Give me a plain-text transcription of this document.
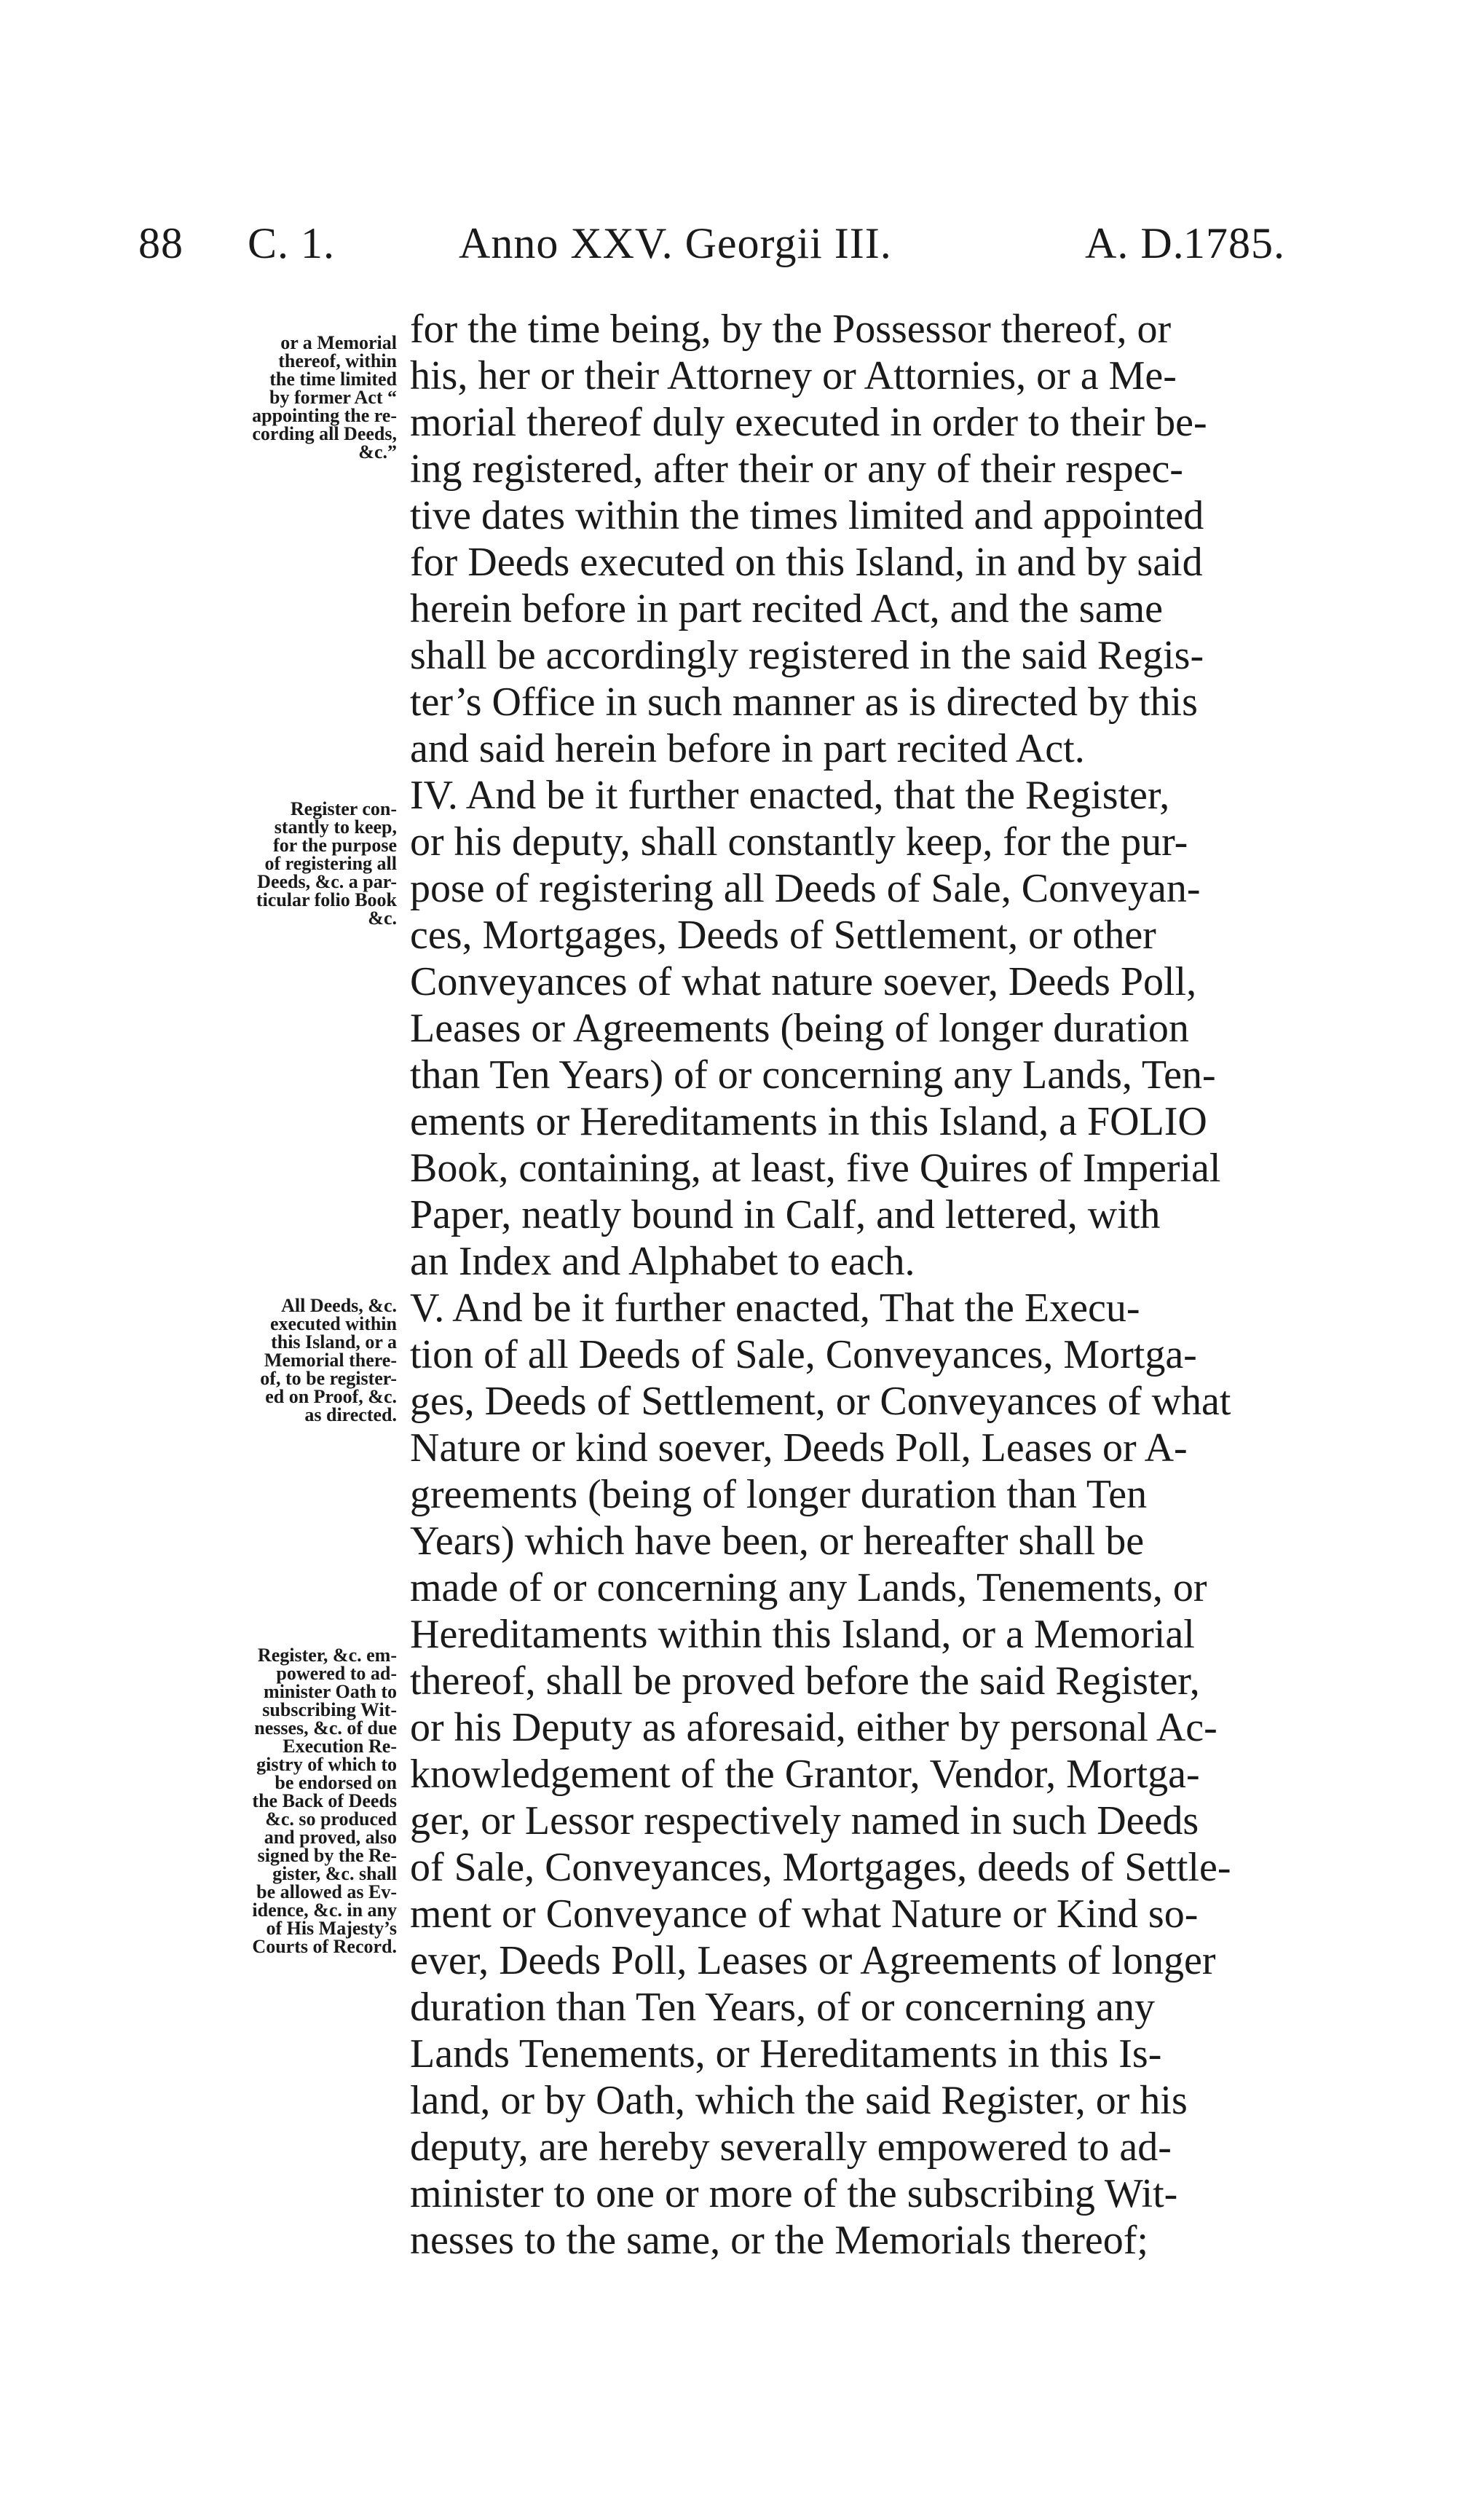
88 C. 1.	Anno XXV. Georgii III.	A. D.
1785.
or a Memorial
thereof, within
the time limited
by former Act “
appointing the re-
cording all Deeds,
&c.”
Register con-
stantly to keep,
for the purpose
of registering all
Deeds, &c. a par-
ticular folio Book
&c.
All Deeds, &c.
executed within
this Island, or a
Memorial there-
of, to be register-
ed on Proof, &c.
as directed.
Register, &c. em-
powered to ad-
minister Oath to
subscribing Wit-
nesses, &c. of due
Execution Re-
gistry of which to
be endorsed on
the Back of Deeds
&c. so produced
and proved, also
signed by the Re-
gister, &c. shall
be allowed as Ev-
idence, &c. in any
of His Majesty’s
Courts of Record.
for the time being, by the Possessor thereof, or
his, her or their Attorney or Attornies, or a Me-
morial thereof duly executed in order to their be-
ing registered, after their or any of their respec-
tive dates within the times limited and appointed
for Deeds executed on this Island, in and by said
herein before in part recited Act, and the same
shall be accordingly registered in the said Regis-
ter’s Office in such manner as is directed by this
and said herein before in part recited Act.
IV. And be it further enacted, that the Register,
or his deputy, shall constantly keep, for the pur-
pose of registering all Deeds of Sale, Conveyan-
ces, Mortgages, Deeds of Settlement, or other
Conveyances of what nature soever, Deeds Poll,
Leases or Agreements (being of longer duration
than Ten Years) of or concerning any Lands, Ten-
ements or Hereditaments in this Island, a FOLIO
Book, containing, at least, five Quires of Imperial
Paper, neatly bound in Calf, and lettered, with
an Index and Alphabet to each.
V. And be it further enacted, That the Execu-
tion of all Deeds of Sale, Conveyances, Mortga-
ges, Deeds of Settlement, or Conveyances of what
Nature or kind soever, Deeds Poll, Leases or A-
greements (being of longer duration than Ten
Years) which have been, or hereafter shall be
made of or concerning any Lands, Tenements, or
Hereditaments within this Island, or a Memorial
thereof, shall be proved before the said Register,
or his Deputy as aforesaid, either by personal Ac-
knowledgement of the Grantor, Vendor, Mortga-
ger, or Lessor respectively named in such Deeds
of Sale, Conveyances, Mortgages, deeds of Settle-
ment or Conveyance of what Nature or Kind so-
ever, Deeds Poll, Leases or Agreements of longer
duration than Ten Years, of or concerning any
Lands Tenements, or Hereditaments in this Is-
land, or by Oath, which the said Register, or his
deputy, are hereby severally empowered to ad-
minister to one or more of the subscribing Wit-
nesses to the same, or the Memorials thereof;
